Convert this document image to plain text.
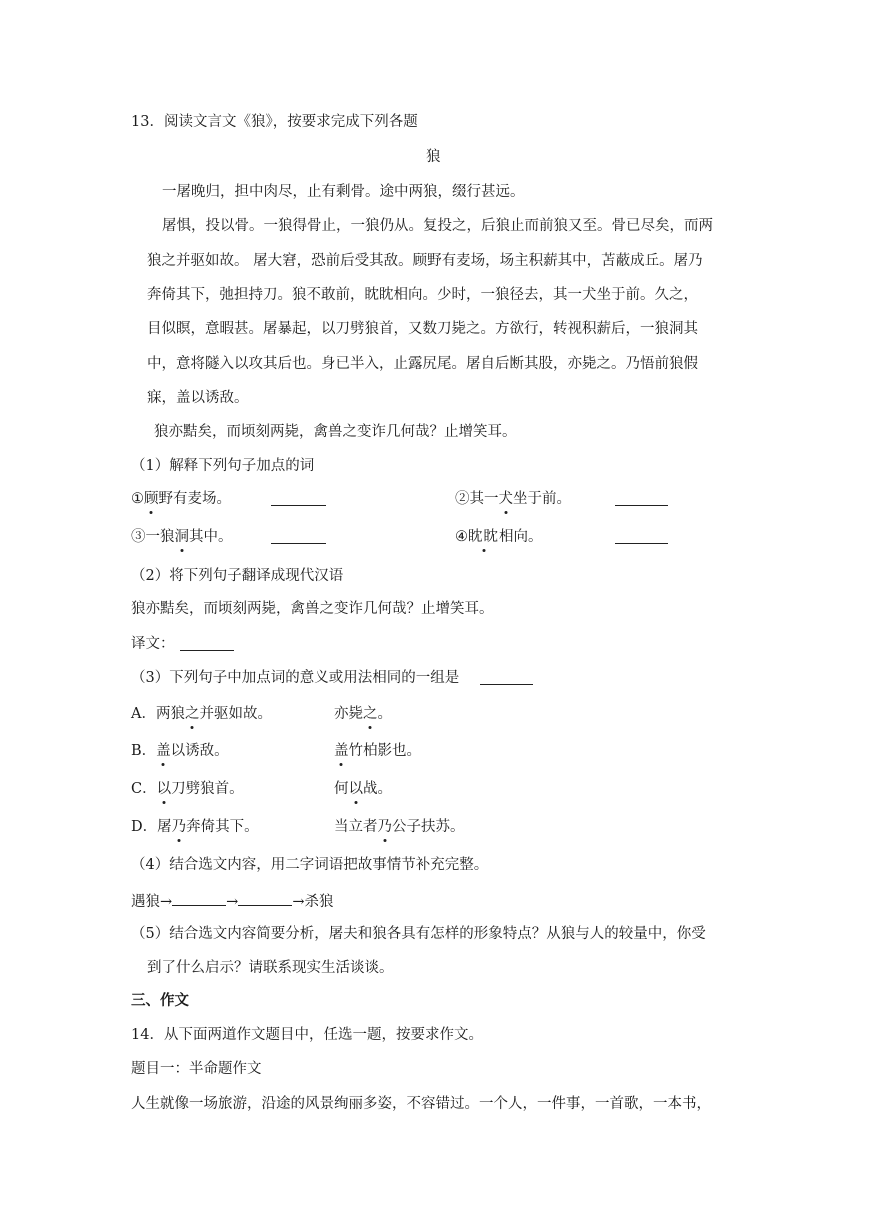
13．阅读文言文《狼》，按要求完成下列各题
狼
一屠晚归，担中肉尽，止有剩骨。途中两狼，缀行甚远。
屠惧，投以骨。一狼得骨止，一狼仍从。复投之，后狼止而前狼又至。骨已尽矣，而两
狼之并驱如故。 屠大窘，恐前后受其敌。顾野有麦场，场主积薪其中，苫蔽成丘。屠乃
奔倚其下，弛担持刀。狼不敢前，眈眈相向。少时，一狼径去，其一犬坐于前。久之，
目似瞑，意暇甚。屠暴起，以刀劈狼首，又数刀毙之。方欲行，转视积薪后，一狼洞其
中，意将隧入以攻其后也。身已半入，止露尻尾。屠自后断其股，亦毙之。乃悟前狼假
寐，盖以诱敌。
狼亦黠矣，而顷刻两毙，禽兽之变诈几何哉？止增笑耳。
（1）解释下列句子加点的词
①顾野有麦场。	②其一犬坐于前。
③一狼洞其中。	④眈眈相向。
（2）将下列句子翻译成现代汉语
狼亦黠矣，而顷刻两毙，禽兽之变诈几何哉？止增笑耳。
译文：
（3）下列句子中加点词的意义或用法相同的一组是
A．两狼之并驱如故。	亦毙之。
B．盖以诱敌。	盖竹柏影也。
C．以刀劈狼首。	何以战。
D．屠乃奔倚其下。	当立者乃公子扶苏。
（4）结合选文内容，用二字词语把故事情节补充完整。
遇狼→	→	→杀狼
（5）结合选文内容简要分析，屠夫和狼各具有怎样的形象特点？从狼与人的较量中，你受
到了什么启示？请联系现实生活谈谈。
三、作文
14．从下面两道作文题目中，任选一题，按要求作文。
题目一：半命题作文
人生就像一场旅游，沿途的风景绚丽多姿，不容错过。一个人，一件事，一首歌，一本书，
